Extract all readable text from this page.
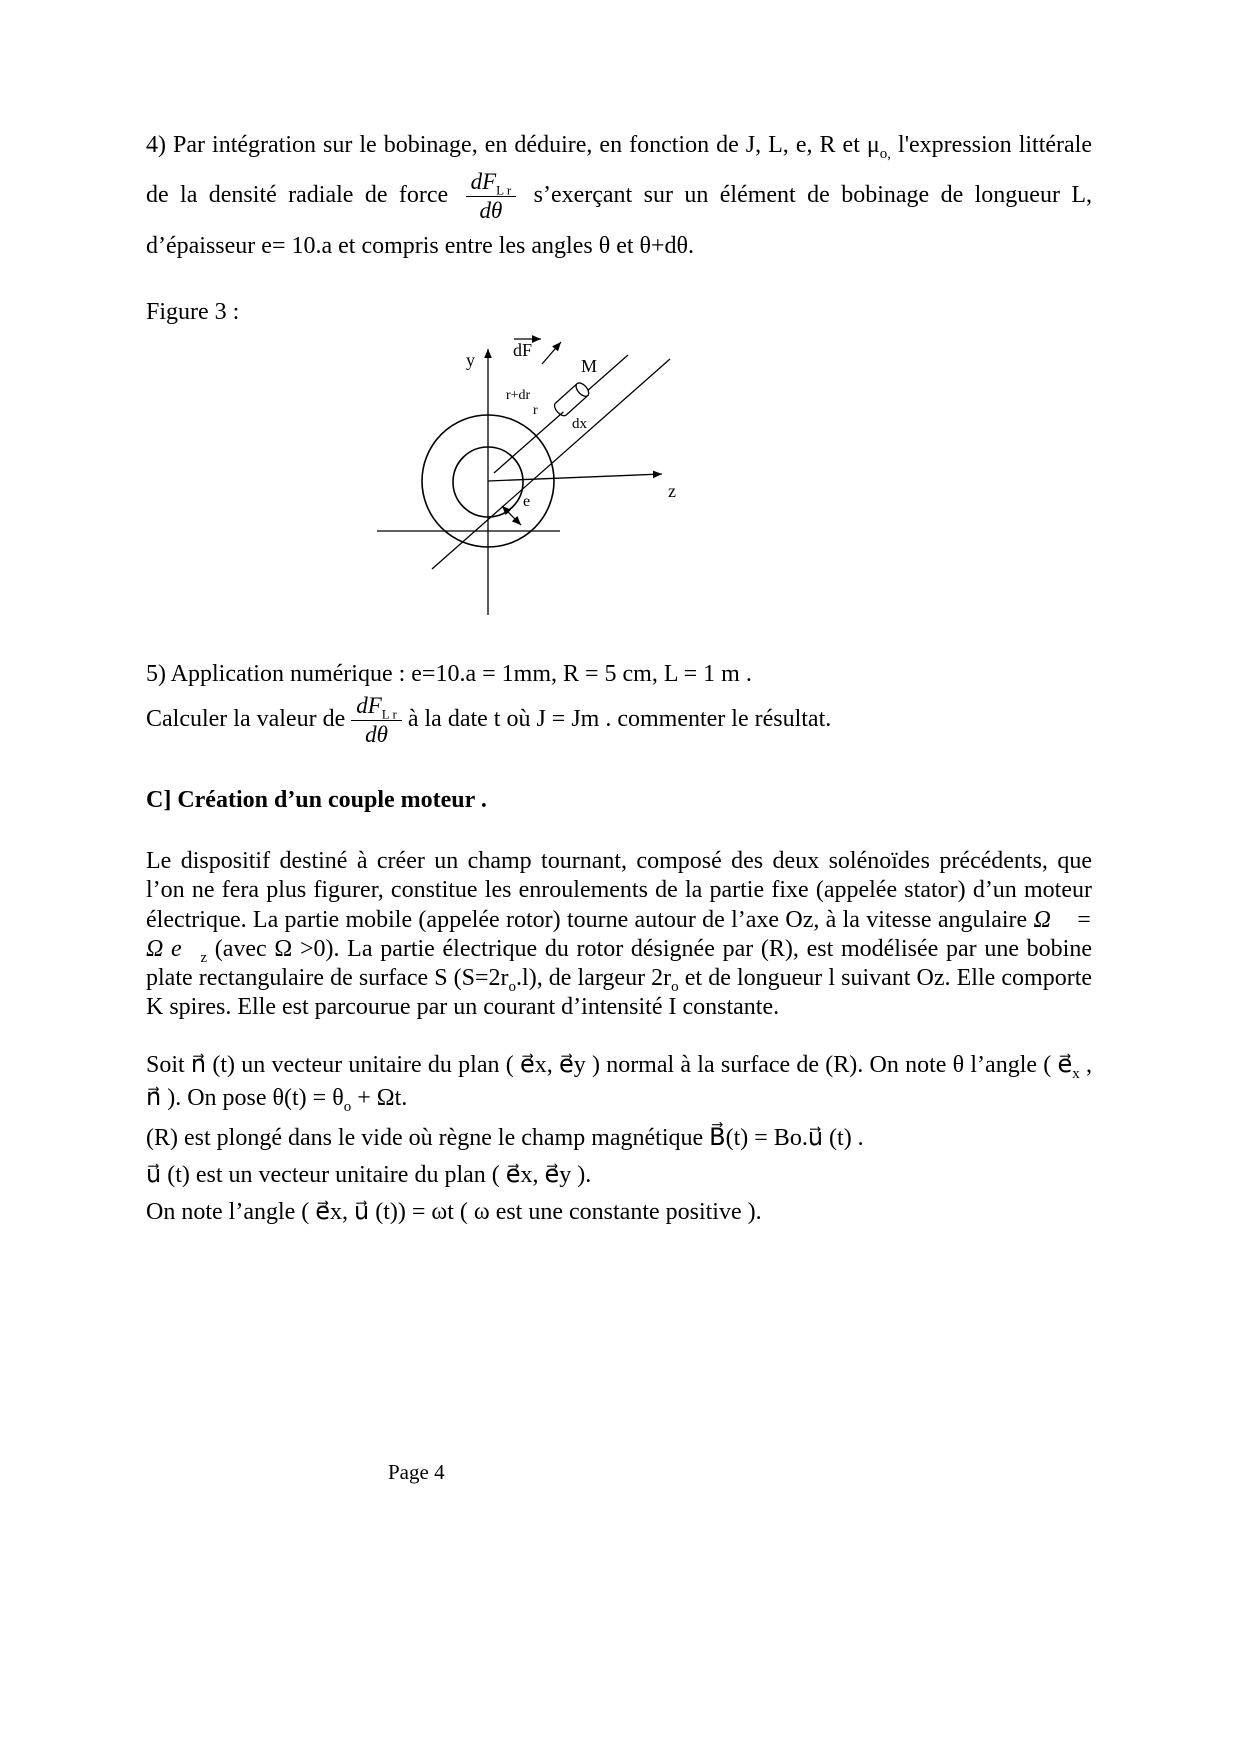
4) Par intégration sur le bobinage, en déduire, en fonction de J, L, e, R et $\mu_{o,}$ l'expression littérale de la densité radiale de force $\frac{dF_{L r}}{d\theta}$ s’exerçant sur un élément de bobinage de longueur L, d’épaisseur e= 10.a et compris entre les angles θ et θ+dθ.

Figure 3 :

y
z
M
dF
r+dr
r
dx
e

5) Application numérique : e=10.a = 1mm, R = 5 cm, L = 1 m .

Calculer la valeur de $\frac{dF_{L r}}{d\theta}$ à la date t où J = Jm . commenter le résultat.

C] Création d’un couple moteur .

Le dispositif destiné à créer un champ tournant, composé des deux solénoïdes précédents, que l’on ne fera plus figurer, constitue les enroulements de la partie fixe (appelée stator) d’un moteur électrique. La partie mobile (appelée rotor) tourne autour de l’axe Oz, à la vitesse angulaire Ω⃗ = Ω $e⃗_z$ (avec Ω >0). La partie électrique du rotor désignée par (R), est modélisée par une bobine plate rectangulaire de surface S $(S=2r_o.l)$, de largeur $2r_o$ et de longueur l suivant Oz. Elle comporte K spires. Elle est parcourue par un courant d’intensité I constante.

Soit n⃗ (t) un vecteur unitaire du plan ( e⃗x, e⃗y ) normal à la surface de (R). On note θ l’angle ( $e⃗_x$ , n⃗ ). On pose $\theta(t) = \theta_o + \Omega t$.

(R) est plongé dans le vide où règne le champ magnétique B⃗(t) = Bo.u⃗ (t) .

u⃗ (t) est un vecteur unitaire du plan ( e⃗x, e⃗y ).

On note l’angle ( e⃗x, u⃗ (t)) = ωt ( ω est une constante positive ).

Page 4
